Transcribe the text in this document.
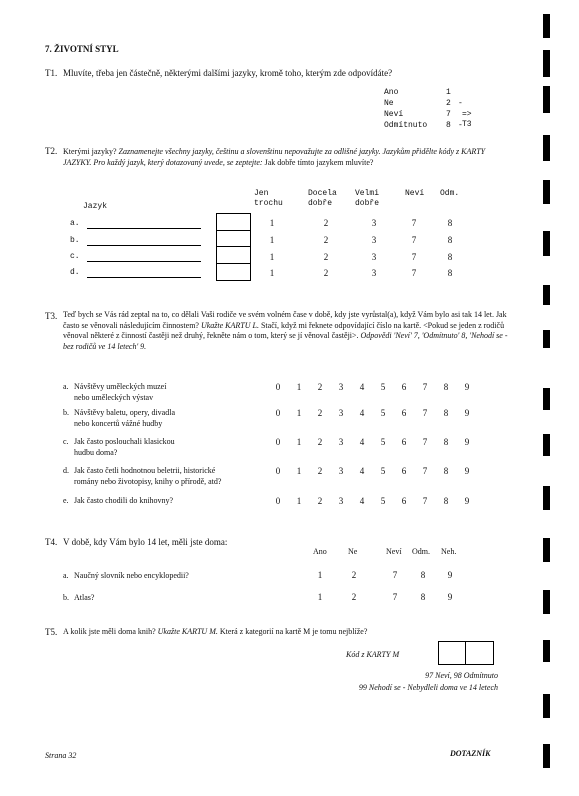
7. ŽIVOTNÍ STYL
T1. Mluvíte, třeba jen částečně, některými dalšími jazyky, kromě toho, kterým zde odpovídáte?
Ano	1
Ne	2 -
Neví	7 => T3
Odmítnuto 8 -
T2. Kterými jazyky? Zaznamenejte všechny jazyky, češtinu a slovenštinu nepovažujte za odlišné jazyky. Jazykům přidělte kódy z KARTY JAZYKY. Pro každý jazyk, který dotazovaný uvede, se zeptejte: Jak dobře tímto jazykem mluvíte?
Jazyk
Jen trochu
Docela dobře
Velmi dobře
Neví Odm.
a.	1	2	3	7	8
b.	1	2	3	7	8
c.	1	2	3	7	8
d.	1	2	3	7	8
T3. Teď bych se Vás rád zeptal na to, co dělali Vaši rodiče ve svém volném čase v době, kdy jste vyrůstal(a), když Vám bylo asi tak 14 let. Jak často se věnovali následujícím činnostem? Ukažte KARTU L. Stačí, když mi řeknete odpovídající číslo na kartě. <Pokud se jeden z rodičů věnoval některé z činností častěji než druhý, řekněte nám o tom, který se jí věnoval častěji>. Odpovědi 'Neví' 7, 'Odmítnuto' 8, 'Nehodí se - bez rodičů ve 14 letech' 9.
a. Návštěvy uměleckých muzeí
nebo uměleckých výstav
0	1	2	3	4	5	6	7	8	9
b. Návštěvy baletu, opery, divadla
nebo koncertů vážné hudby
0	1	2	3	4	5	6	7	8	9
c. Jak často poslouchali klasickou
hudbu doma?
0	1	2	3	4	5	6	7	8	9
d. Jak často četli hodnotnou beletrii, historické
romány nebo životopisy, knihy o přírodě, atd?
0	1	2	3	4	5	6	7	8	9
e. Jak často chodili do knihovny?	0	1	2	3	4	5	6	7	8	9
T4. V době, kdy Vám bylo 14 let, měli jste doma:
Ano	Ne	Neví Odm. Neh.
a. Naučný slovník nebo encyklopedii?	1	2	7	8	9
b. Atlas?	1	2	7	8	9
T5. A kolik jste měli doma knih? Ukažte KARTU M. Která z kategorií na kartě M je tomu nejblíže?
Kód z KARTY M
97 Neví, 98 Odmítnuto
99 Nehodí se - Nebydleli doma ve 14 letech
Strana 32	DOTAZNÍK
